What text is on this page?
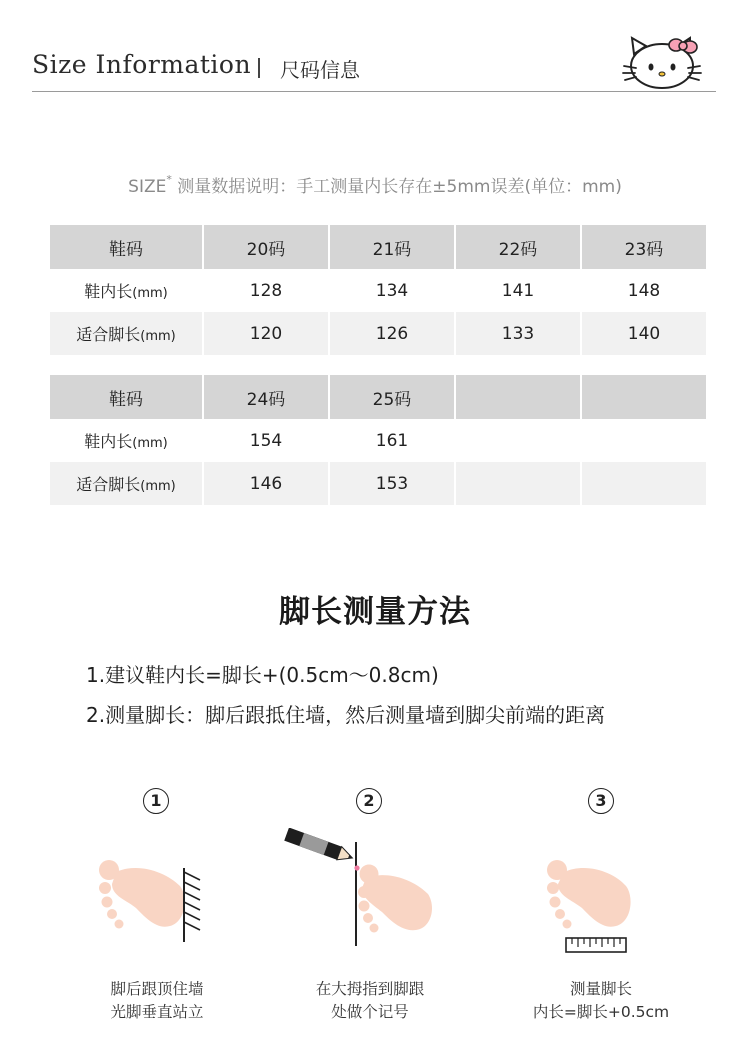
Size Information 尺码信息
SIZE* 测量数据说明：手工测量内长存在±5mm误差(单位：mm)
鞋码	20码	21码	22码	23码
鞋内长(mm)	128	134	141	148
适合脚长(mm)	120	126	133	140
鞋码	24码	25码		
鞋内长(mm)	154	161		
适合脚长(mm)	146	153		
脚长测量方法
1.建议鞋内长=脚长+(0.5cm～0.8cm)
2.测量脚长：脚后跟抵住墙，然后测量墙到脚尖前端的距离
1
脚后跟顶住墙
光脚垂直站立
2
在大拇指到脚跟
处做个记号
3
测量脚长
内长=脚长+0.5cm
